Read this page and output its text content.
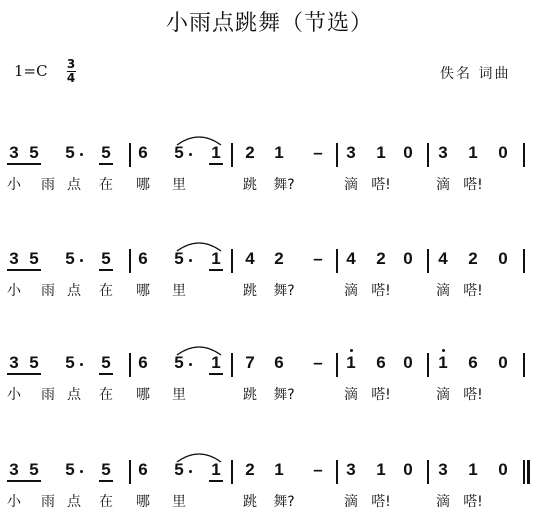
小雨点跳舞（节选）
1=C 3
4	佚名 词曲
3 5 5 5 6 5 1 2 1 – 3 1 0 3 1 0
小 雨 点 在 哪 里	跳 舞?	滴 嗒!	滴 嗒!
3 5 5 5 6 5 1 4 2 – 4 2 0 4 2 0
小 雨 点 在 哪 里	跳 舞?	滴 嗒!	滴 嗒!
3 5 5 5 6 5 1 7 6 – 1 6 0 1 6 0
小 雨 点 在 哪 里	跳 舞?	滴 嗒!	滴 嗒!
3 5 5 5 6 5 1 2 1 – 3 1 0 3 1 0
小 雨 点 在 哪 里	跳 舞?	滴 嗒!	滴 嗒!
